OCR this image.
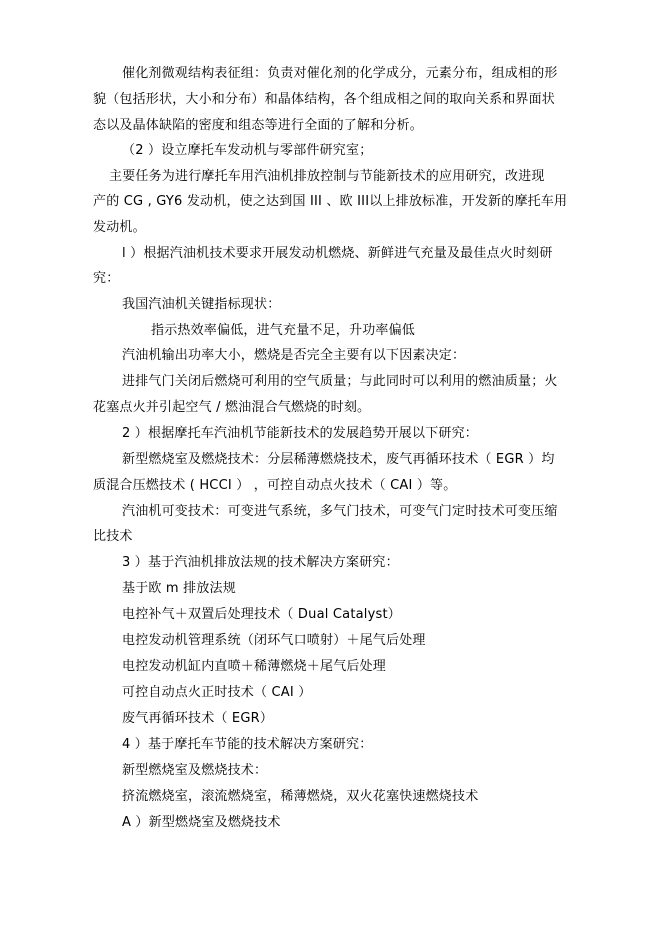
催化剂微观结构表征组：负责对催化剂的化学成分，元素分布，组成相的形
貌（包括形状，大小和分布）和晶体结构，各个组成相之间的取向关系和界面状
态以及晶体缺陷的密度和组态等进行全面的了解和分析。
（2 ）设立摩托车发动机与零部件研究室；
主要任务为进行摩托车用汽油机排放控制与节能新技术的应用研究，改进现
产的 CG , GY6 发动机，使之达到国 III 、欧 III以上排放标准，开发新的摩托车用
发动机。
l ）根据汽油机技术要求开展发动机燃烧、新鲜进气充量及最佳点火时刻研
究：
我国汽油机关键指标现状：
指示热效率偏低，进气充量不足，升功率偏低
汽油机输出功率大小，燃烧是否完全主要有以下因素决定：
进排气门关闭后燃烧可利用的空气质量；与此同时可以利用的燃油质量；火
花塞点火并引起空气 / 燃油混合气燃烧的时刻。
2 ）根据摩托车汽油机节能新技术的发展趋势开展以下研究：
新型燃烧室及燃烧技术：分层稀薄燃烧技术，废气再循环技术（ EGR ）均
质混合压燃技术 ( HCCI ） ，可控自动点火技术（ CAI ）等。
汽油机可变技术：可变进气系统，多气门技术，可变气门定时技术可变压缩
比技术
3 ）基于汽油机排放法规的技术解决方案研究：
基于欧 m 排放法规
电控补气＋双置后处理技术（ Dual Catalyst）
电控发动机管理系统（闭环气口喷射）＋尾气后处理
电控发动机缸内直喷＋稀薄燃烧＋尾气后处理
可控自动点火正时技术（ CAI ）
废气再循环技术（ EGR）
4 ）基于摩托车节能的技术解决方案研究：
新型燃烧室及燃烧技术：
挤流燃烧室，滚流燃烧室，稀薄燃烧，双火花塞快速燃烧技术
A ）新型燃烧室及燃烧技术
